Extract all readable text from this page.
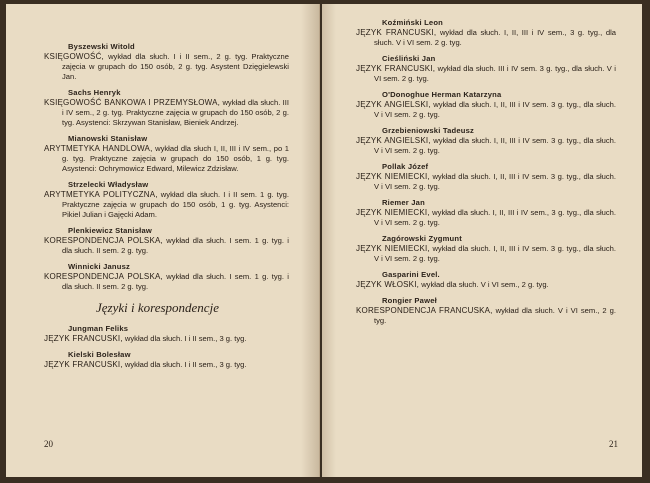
Byszewski Witold

KSIĘGOWOŚĆ, wykład dla słuch. I i II sem., 2 g. tyg. Praktyczne zajęcia w grupach do 150 osób, 2 g. tyg. Asystent Dzięgielewski Jan.

Sachs Henryk

KSIĘGOWOŚĆ BANKOWA I PRZEMYSŁOWA, wykład dla słuch. III i IV sem., 2 g. tyg. Praktyczne zajęcia w grupach do 150 osób, 2 g. tyg. Asystenci: Skrzywan Stanisław, Bieniek Andrzej.

Mianowski Stanisław

ARYTMETYKA HANDLOWA, wykład dla słuch I, II, III i IV sem., po 1 g. tyg. Praktyczne zajęcia w grupach do 150 osób, 1 g. tyg. Asystenci: Ochrymowicz Edward, Milewicz Zdzisław.

Strzelecki Władysław

ARYTMETYKA POLITYCZNA, wykład dla słuch. I i II sem. 1 g. tyg. Praktyczne zajęcia w grupach do 150 osób, 1 g. tyg. Asystenci: Pikiel Julian i Gajęcki Adam.

Plenkiewicz Stanisław

KORESPONDENCJA POLSKA, wykład dla słuch. I sem. 1 g. tyg. i dla słuch. II sem. 2 g. tyg.

Winnicki Janusz

KORESPONDENCJA POLSKA, wykład dla słuch. I sem. 1 g. tyg. i dla słuch. II sem. 2 g. tyg.

Języki i korespondencje
Jungman Feliks

JĘZYK FRANCUSKI, wykład dla słuch. I i II sem., 3 g. tyg.

Kielski Bolesław

JĘZYK FRANCUSKI, wykład dla słuch. I i II sem., 3 g. tyg.

20
Koźmiński Leon

JĘZYK FRANCUSKI, wykład dla słuch. I, II, III i IV sem., 3 g. tyg., dla słuch. V i VI sem. 2 g. tyg.

Cieśliński Jan

JĘZYK FRANCUSKI, wykład dla słuch. III i IV sem. 3 g. tyg., dla słuch. V i VI sem. 2 g. tyg.

O'Donoghue Herman Katarzyna

JĘZYK ANGIELSKI, wykład dla słuch. I, II, III i IV sem. 3 g. tyg., dla słuch. V i VI sem. 2 g. tyg.

Grzebieniowski Tadeusz

JĘZYK ANGIELSKI, wykład dla słuch. I, II, III i IV sem. 3 g. tyg., dla słuch. V i VI sem. 2 g. tyg.

Pollak Józef

JĘZYK NIEMIECKI, wykład dla słuch. I, II, III i IV sem. 3 g. tyg., dla słuch. V i VI sem. 2 g. tyg.

Riemer Jan

JĘZYK NIEMIECKI, wykład dla słuch. I, II, III i IV sem., 3 g. tyg., dla słuch. V i VI sem. 2 g. tyg.

Zagórowski Zygmunt

JĘZYK NIEMIECKI, wykład dla słuch. I, II, III i IV sem. 3 g. tyg., dla słuch. V i VI sem. 2 g. tyg.

Gasparini Evel.

JĘZYK WŁOSKI, wykład dla słuch. V i VI sem., 2 g. tyg.

Rongier Paweł

KORESPONDENCJA FRANCUSKA, wykład dla słuch. V i VI sem., 2 g. tyg.

21
